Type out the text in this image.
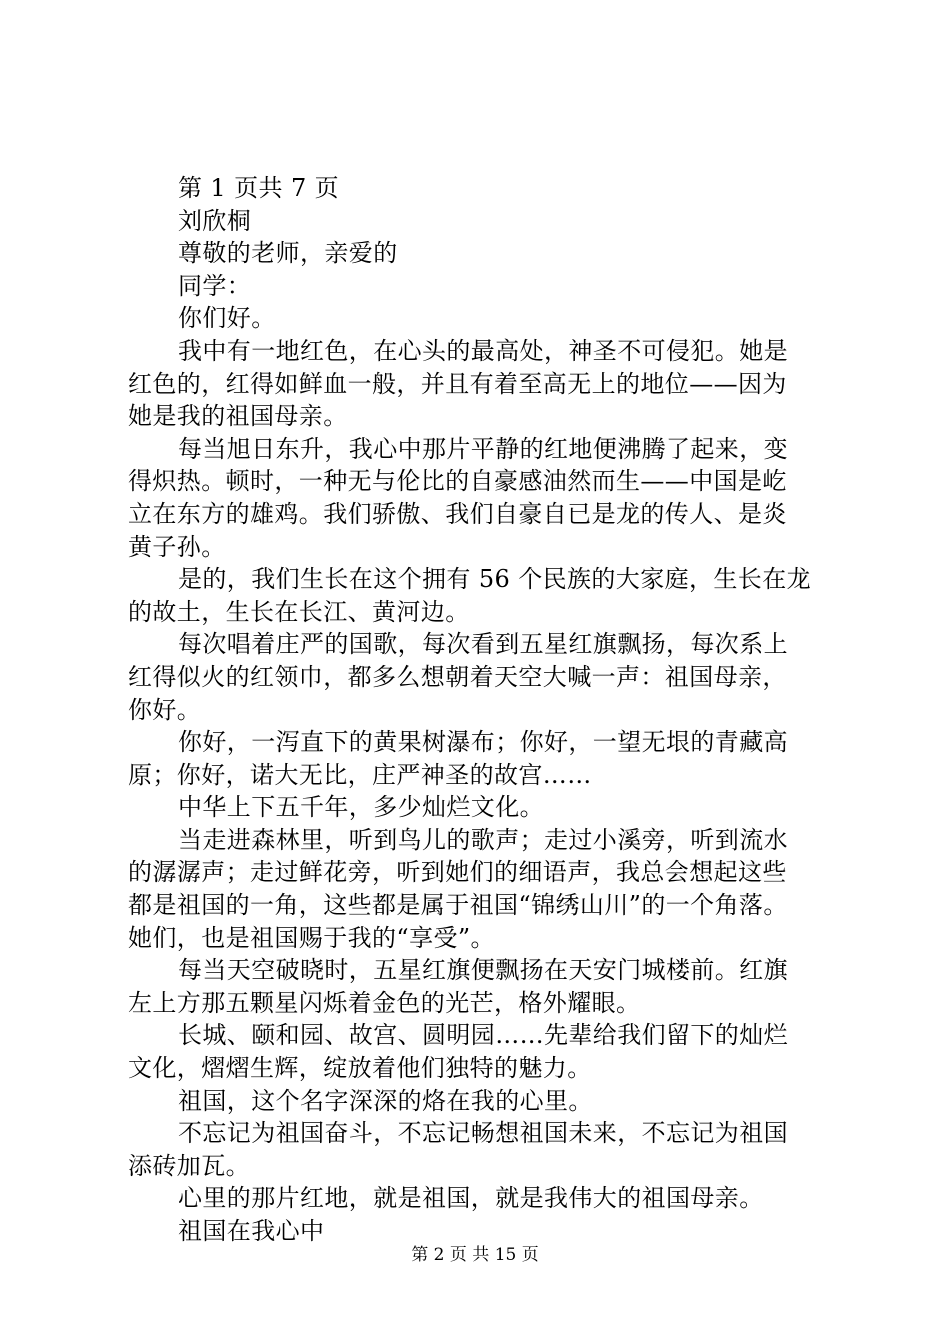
第 1 页共 7 页
刘欣桐
尊敬的老师，亲爱的
同学：
你们好。
我中有一地红色，在心头的最高处，神圣不可侵犯。她是
红色的，红得如鲜血一般，并且有着至高无上的地位——因为
她是我的祖国母亲。
每当旭日东升，我心中那片平静的红地便沸腾了起来，变
得炽热。顿时，一种无与伦比的自豪感油然而生——中国是屹
立在东方的雄鸡。我们骄傲、我们自豪自已是龙的传人、是炎
黄子孙。
是的，我们生长在这个拥有 56 个民族的大家庭，生长在龙
的故土，生长在长江、黄河边。
每次唱着庄严的国歌，每次看到五星红旗飘扬，每次系上
红得似火的红领巾，都多么想朝着天空大喊一声：祖国母亲，
你好。
你好，一泻直下的黄果树瀑布；你好，一望无垠的青藏高
原；你好，诺大无比，庄严神圣的故宫……
中华上下五千年，多少灿烂文化。
当走进森林里，听到鸟儿的歌声；走过小溪旁，听到流水
的潺潺声；走过鲜花旁，听到她们的细语声，我总会想起这些
都是祖国的一角，这些都是属于祖国“锦绣山川”的一个角落。
她们，也是祖国赐于我的“享受”。
每当天空破晓时，五星红旗便飘扬在天安门城楼前。红旗
左上方那五颗星闪烁着金色的光芒，格外耀眼。
长城、颐和园、故宫、圆明园……先辈给我们留下的灿烂
文化，熠熠生辉，绽放着他们独特的魅力。
祖国，这个名字深深的烙在我的心里。
不忘记为祖国奋斗，不忘记畅想祖国未来，不忘记为祖国
添砖加瓦。
心里的那片红地，就是祖国，就是我伟大的祖国母亲。
祖国在我心中
第 2 页 共 15 页
